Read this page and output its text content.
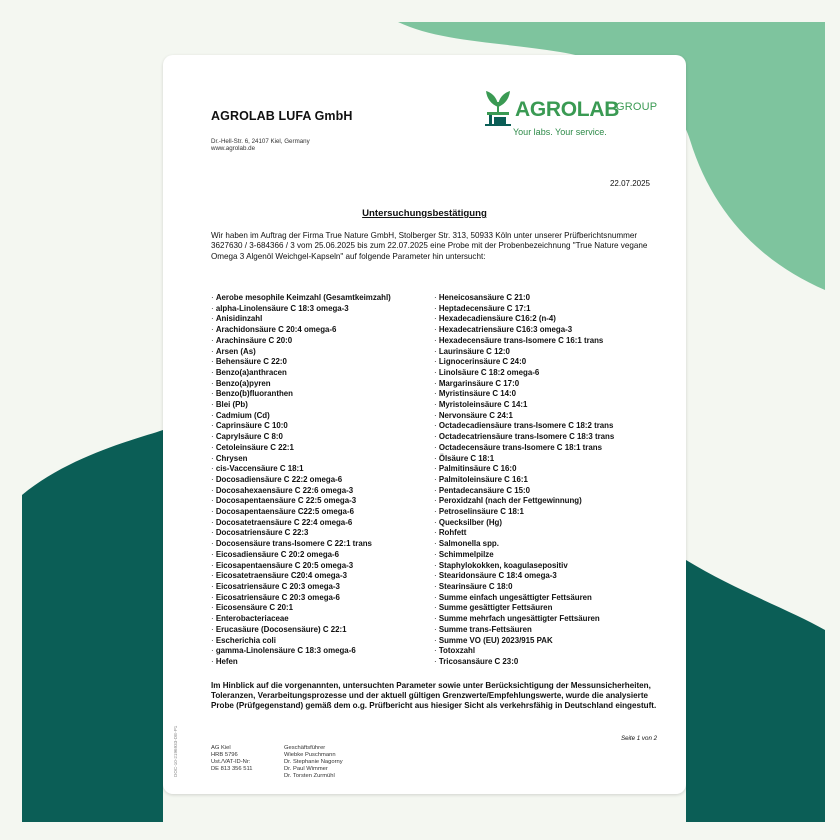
AGROLAB LUFA GmbH
Dr.-Hell-Str. 6, 24107 Kiel, Germany
www.agrolab.de
AGROLAB
GROUP
Your labs. Your service.
22.07.2025
Untersuchungsbestätigung
Wir haben im Auftrag der Firma True Nature GmbH, Stolberger Str. 313, 50933 Köln unter unserer Prüfberichtsnummer 3627630 / 3-684366 / 3 vom 25.06.2025 bis zum 22.07.2025 eine Probe mit der Probenbezeichnung "True Nature vegane Omega 3 Algenöl Weichgel-Kapseln" auf folgende Parameter hin untersucht:
· Aerobe mesophile Keimzahl (Gesamtkeimzahl)
· alpha-Linolensäure C 18:3 omega-3
· Anisidinzahl
· Arachidonsäure C 20:4 omega-6
· Arachinsäure C 20:0
· Arsen (As)
· Behensäure C 22:0
· Benzo(a)anthracen
· Benzo(a)pyren
· Benzo(b)fluoranthen
· Blei (Pb)
· Cadmium (Cd)
· Caprinsäure C 10:0
· Caprylsäure C 8:0
· Cetoleinsäure C 22:1
· Chrysen
· cis-Vaccensäure C 18:1
· Docosadiensäure C 22:2 omega-6
· Docosahexaensäure C 22:6 omega-3
· Docosapentaensäure C 22:5 omega-3
· Docosapentaensäure C22:5 omega-6
· Docosatetraensäure C 22:4 omega-6
· Docosatriensäure C 22:3
· Docosensäure trans-Isomere C 22:1 trans
· Eicosadiensäure C 20:2 omega-6
· Eicosapentaensäure C 20:5 omega-3
· Eicosatetraensäure C20:4 omega-3
· Eicosatriensäure C 20:3 omega-3
· Eicosatriensäure C 20:3 omega-6
· Eicosensäure C 20:1
· Enterobacteriaceae
· Erucasäure (Docosensäure) C 22:1
· Escherichia coli
· gamma-Linolensäure C 18:3 omega-6
· Hefen
· Heneicosansäure C 21:0
· Heptadecensäure C 17:1
· Hexadecadiensäure C16:2 (n-4)
· Hexadecatriensäure C16:3 omega-3
· Hexadecensäure trans-Isomere C 16:1 trans
· Laurinsäure C 12:0
· Lignocerinsäure C 24:0
· Linolsäure C 18:2 omega-6
· Margarinsäure C 17:0
· Myristinsäure C 14:0
· Myristoleinsäure C 14:1
· Nervonsäure C 24:1
· Octadecadiensäure trans-Isomere C 18:2 trans
· Octadecatriensäure trans-Isomere C 18:3 trans
· Octadecensäure trans-Isomere C 18:1 trans
· Ölsäure C 18:1
· Palmitinsäure C 16:0
· Palmitoleinsäure C 16:1
· Pentadecansäure C 15:0
· Peroxidzahl (nach der Fettgewinnung)
· Petroselinsäure C 18:1
· Quecksilber (Hg)
· Rohfett
· Salmonella spp.
· Schimmelpilze
· Staphylokokken, koagulasepositiv
· Stearidonsäure C 18:4 omega-3
· Stearinsäure C 18:0
· Summe einfach ungesättigter Fettsäuren
· Summe gesättigter Fettsäuren
· Summe mehrfach ungesättigter Fettsäuren
· Summe trans-Fettsäuren
· Summe VO (EU) 2023/915 PAK
· Totoxzahl
· Tricosansäure C 23:0
Im Hinblick auf die vorgenannten, untersuchten Parameter sowie unter Berücksichtigung der Messunsicherheiten, Toleranzen, Verarbeitungsprozesse und der aktuell gültigen Grenzwerte/Empfehlungswerte, wurde die analysierte Probe (Prüfgegenstand) gemäß dem o.g. Prüfbericht aus hiesiger Sicht als verkehrsfähig in Deutschland eingestuft.
Seite 1 von 2
AG Kiel
HRB 5796
Ust./VAT-ID-Nr:
DE 813 356 511
Geschäftsführer
Wiebke Puschmann
Dr. Stephanie Nagorny
Dr. Paul Wimmer
Dr. Torsten Zurmühl
DOC-10-2196933-DE-P1
